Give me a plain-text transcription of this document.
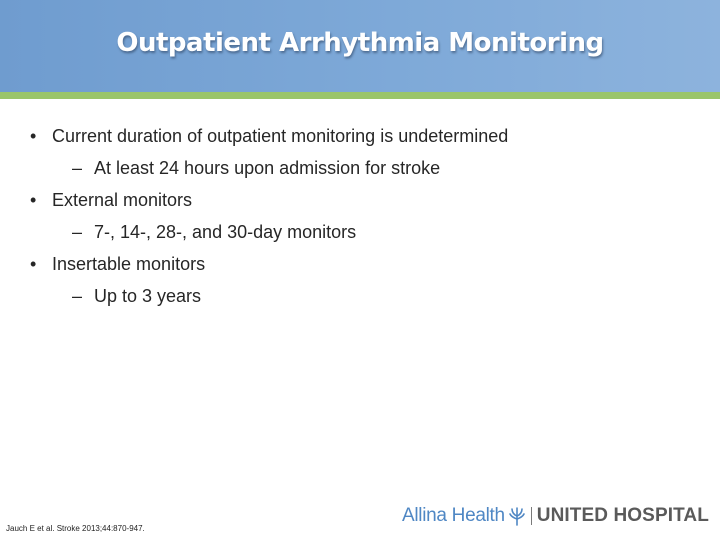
Outpatient Arrhythmia Monitoring
• Current duration of outpatient monitoring is undetermined
– At least 24 hours upon admission for stroke
• External monitors
– 7-, 14-, 28-, and 30-day monitors
• Insertable monitors
– Up to 3 years
Jauch E et al. Stroke 2013;44:870-947.
Allina Health UNITED HOSPITAL
